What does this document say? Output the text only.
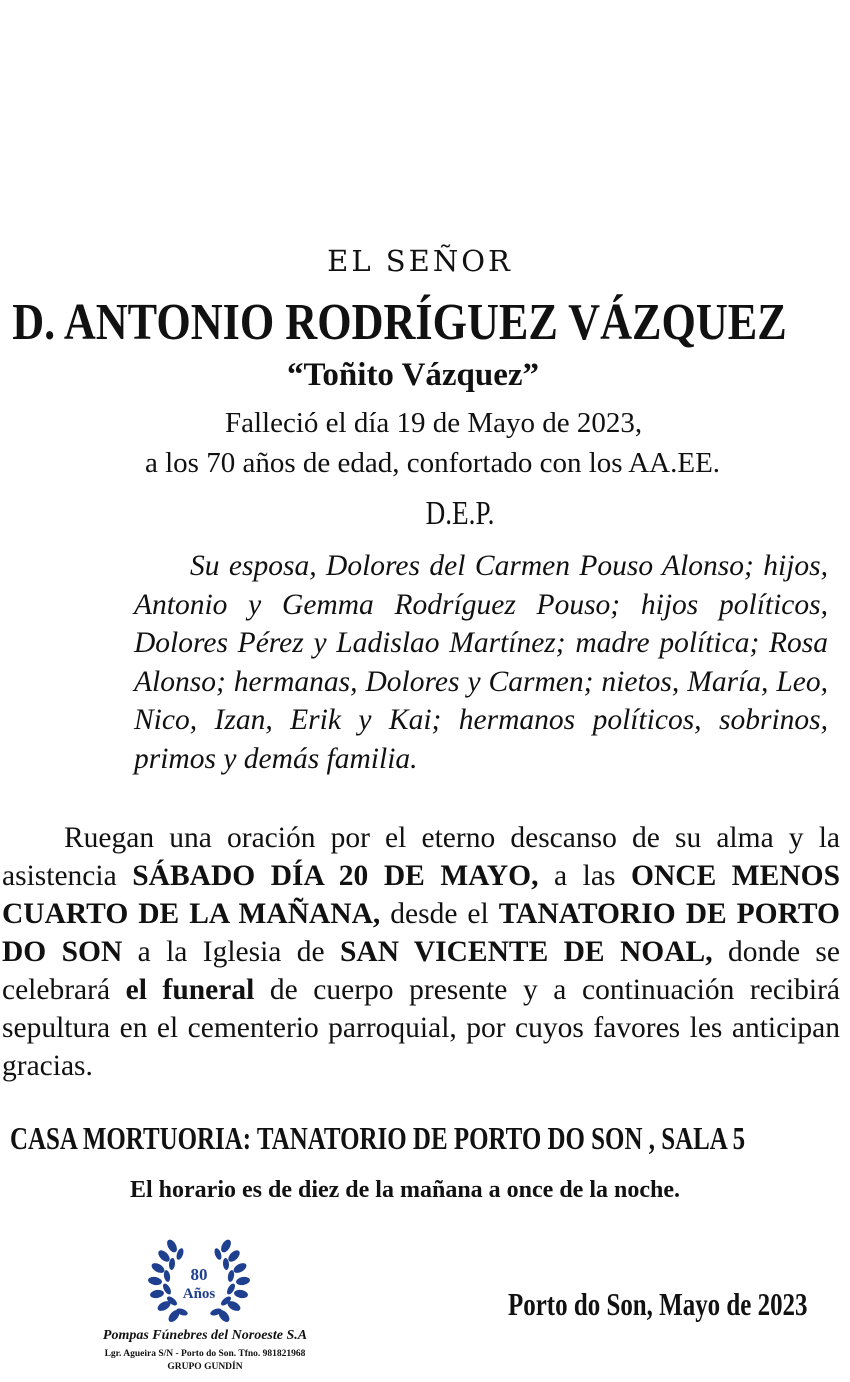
EL SEÑOR
D. ANTONIO RODRÍGUEZ VÁZQUEZ
“Toñito Vázquez”
Falleció el día 19 de Mayo de 2023,
a los 70 años de edad, confortado con los AA.EE.
D.E.P.
Su esposa, Dolores del Carmen Pouso Alonso; hijos, Antonio y Gemma Rodríguez Pouso; hijos políticos, Dolores Pérez y Ladislao Martínez; madre política; Rosa Alonso; hermanas, Dolores y Carmen; nietos, María, Leo, Nico, Izan, Erik y Kai; hermanos políticos, sobrinos, primos y demás familia.
Ruegan una oración por el eterno descanso de su alma y la asistencia SÁBADO DÍA 20 DE MAYO, a las ONCE MENOS CUARTO DE LA MAÑANA, desde el TANATORIO DE PORTO DO SON a la Iglesia de SAN VICENTE DE NOAL, donde se celebrará el funeral de cuerpo presente y a continuación recibirá sepultura en el cementerio parroquial, por cuyos favores les anticipan gracias.
CASA MORTUORIA: TANATORIO DE PORTO DO SON , SALA 5
El horario es de diez de la mañana a once de la noche.
80
Años
Pompas Fúnebres del Noroeste S.A
Lgr. Agueira S/N - Porto do Son. Tfno. 981821968
GRUPO GUNDÍN
Porto do Son, Mayo de 2023
